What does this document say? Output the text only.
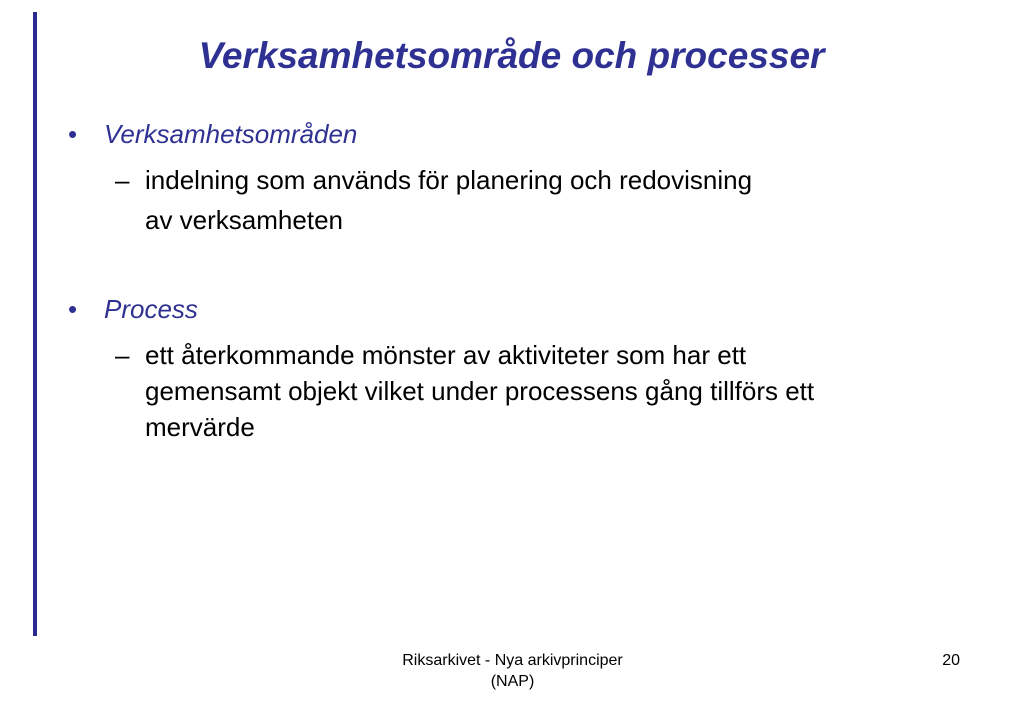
Verksamhetsområde och processer
• Verksamhetsområden
– indelning som används för planering och redovisning
av verksamheten
• Process
– ett återkommande mönster av aktiviteter som har ett
gemensamt objekt vilket under processens gång tillförs ett
mervärde
Riksarkivet - Nya arkivprinciper
(NAP)
20
